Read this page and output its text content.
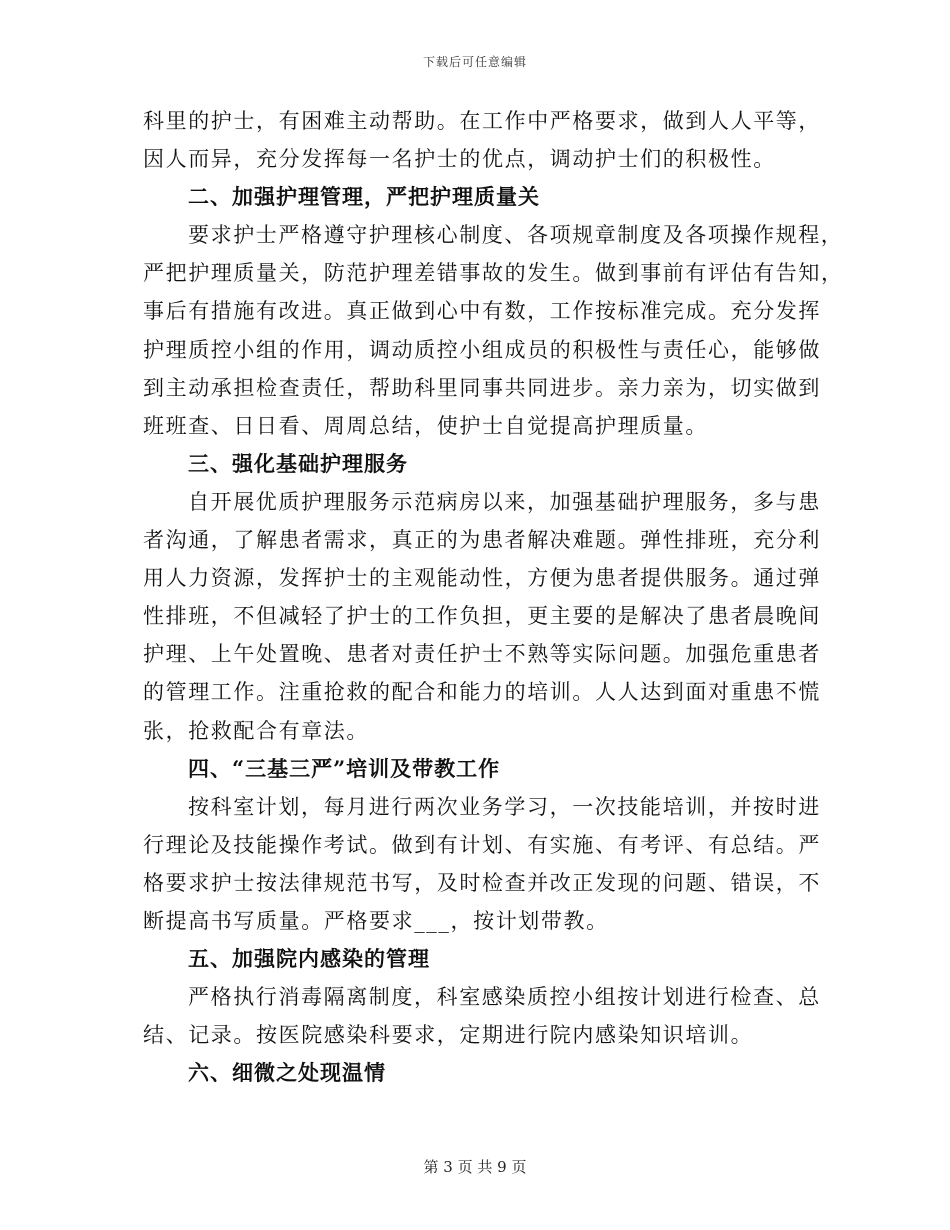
下载后可任意编辑
科里的护士，有困难主动帮助。在工作中严格要求，做到人人平等，
因人而异，充分发挥每一名护士的优点，调动护士们的积极性。
二、加强护理管理，严把护理质量关
要求护士严格遵守护理核心制度、各项规章制度及各项操作规程，
严把护理质量关，防范护理差错事故的发生。做到事前有评估有告知，
事后有措施有改进。真正做到心中有数，工作按标准完成。充分发挥
护理质控小组的作用，调动质控小组成员的积极性与责任心，能够做
到主动承担检查责任，帮助科里同事共同进步。亲力亲为，切实做到
班班查、日日看、周周总结，使护士自觉提高护理质量。
三、强化基础护理服务
自开展优质护理服务示范病房以来，加强基础护理服务，多与患
者沟通，了解患者需求，真正的为患者解决难题。弹性排班，充分利
用人力资源，发挥护士的主观能动性，方便为患者提供服务。通过弹
性排班，不但减轻了护士的工作负担，更主要的是解决了患者晨晚间
护理、上午处置晚、患者对责任护士不熟等实际问题。加强危重患者
的管理工作。注重抢救的配合和能力的培训。人人达到面对重患不慌
张，抢救配合有章法。
四、“三基三严”培训及带教工作
按科室计划，每月进行两次业务学习，一次技能培训，并按时进
行理论及技能操作考试。做到有计划、有实施、有考评、有总结。严
格要求护士按法律规范书写，及时检查并改正发现的问题、错误，不
断提高书写质量。严格要求___，按计划带教。
五、加强院内感染的管理
严格执行消毒隔离制度，科室感染质控小组按计划进行检查、总
结、记录。按医院感染科要求，定期进行院内感染知识培训。
六、细微之处现温情
第 3 页 共 9 页
